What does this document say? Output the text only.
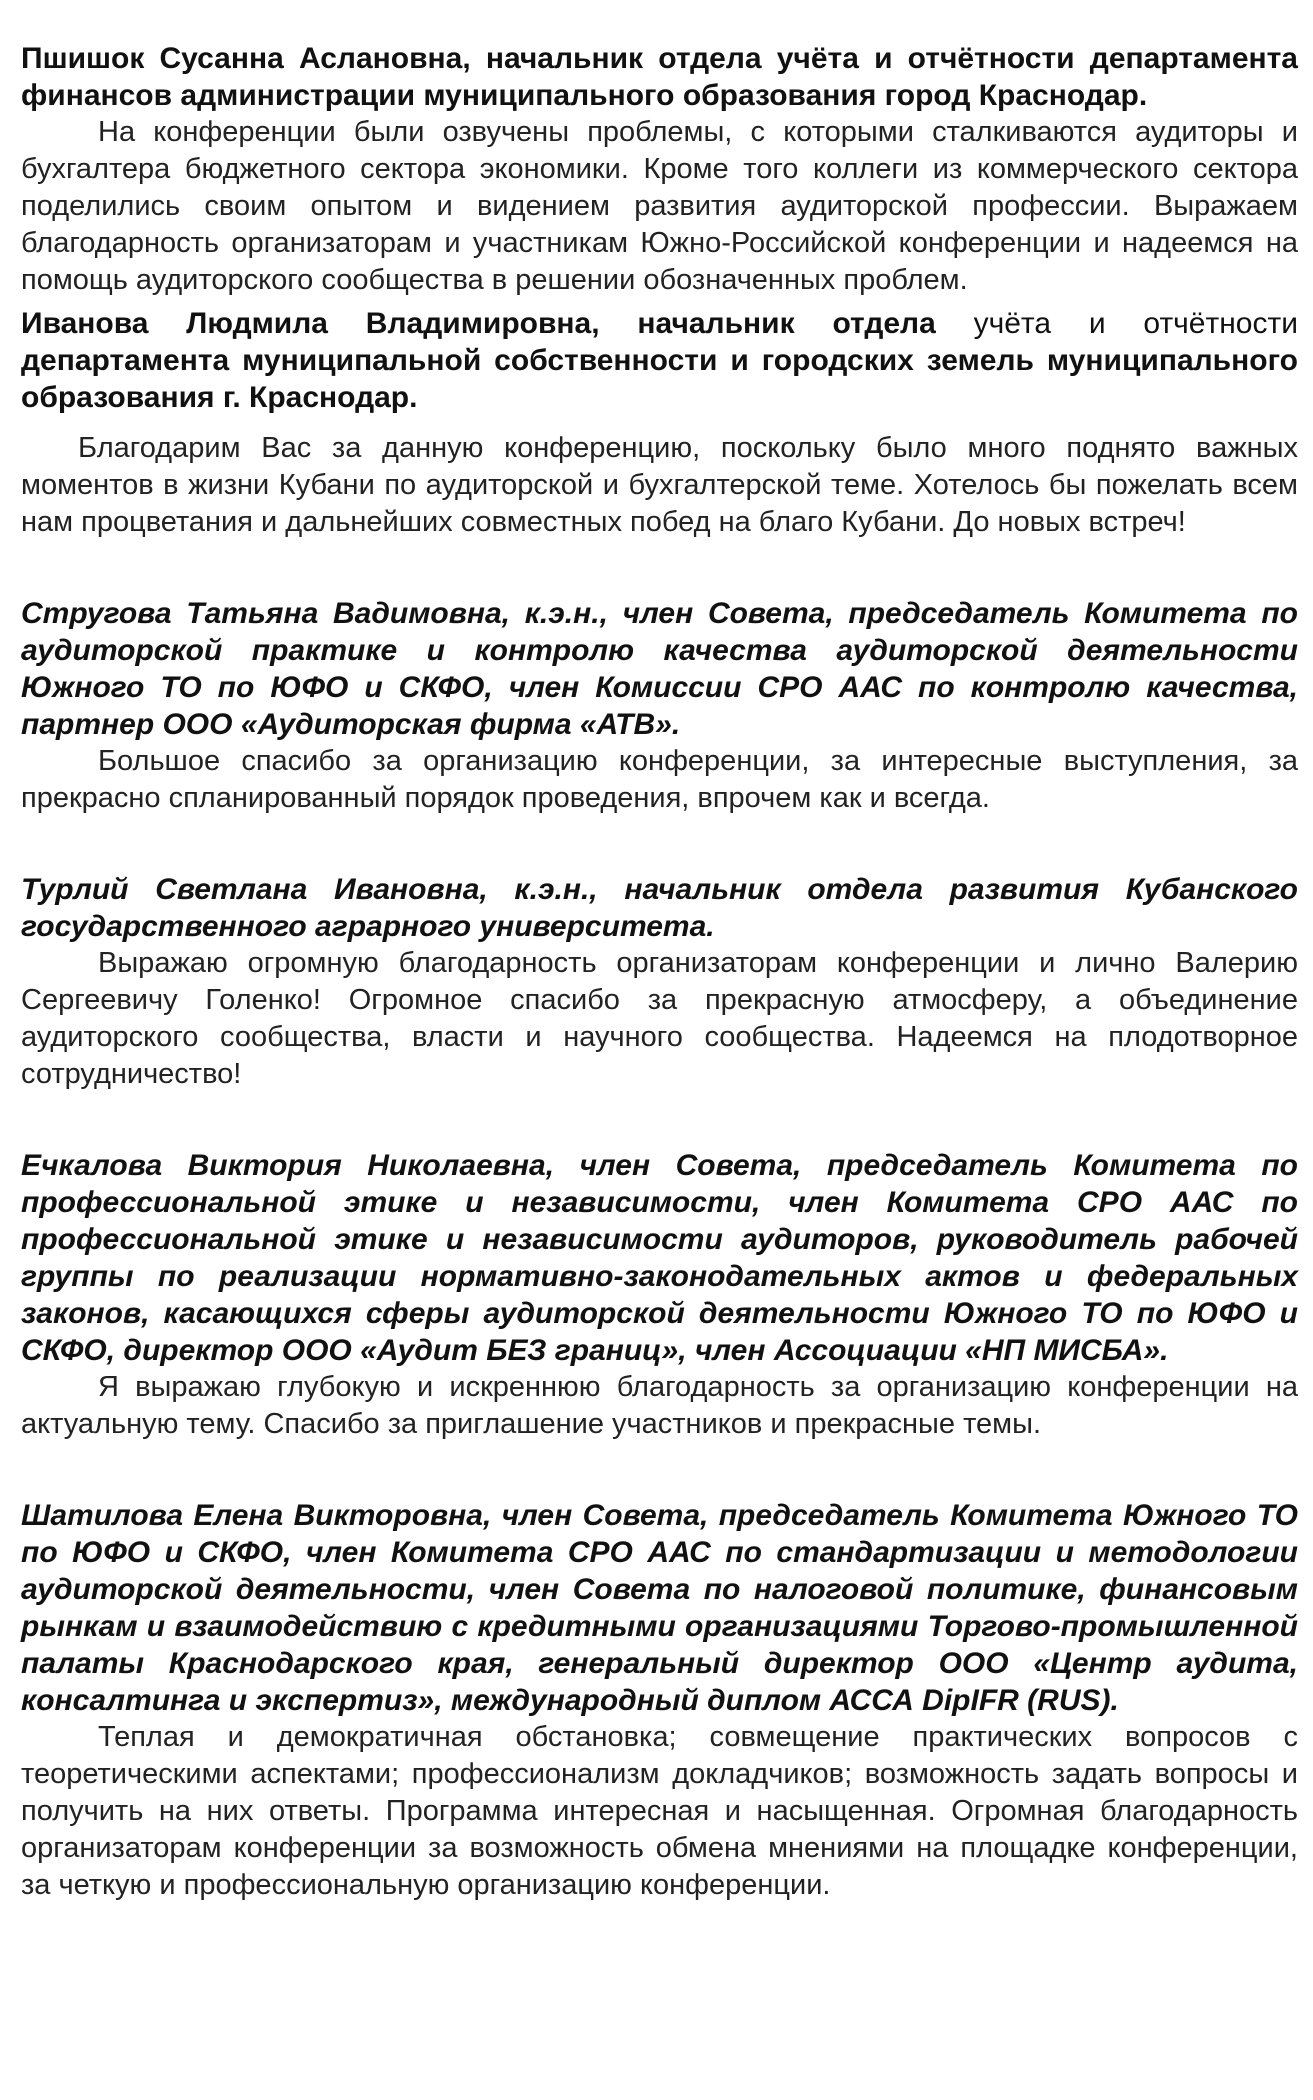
Пшишок Сусанна Аслановна, начальник отдела учёта и отчётности департамента финансов администрации муниципального образования город Краснодар.

На конференции были озвучены проблемы, с которыми сталкиваются аудиторы и бухгалтера бюджетного сектора экономики. Кроме того коллеги из коммерческого сектора поделились своим опытом и видением развития аудиторской профессии. Выражаем благодарность организаторам и участникам Южно-Российской конференции и надеемся на помощь аудиторского сообщества в решении обозначенных проблем.

Иванова Людмила Владимировна, начальник отдела учёта и отчётности департамента муниципальной собственности и городских земель муниципального образования г. Краснодар.

Благодарим Вас за данную конференцию, поскольку было много поднято важных моментов в жизни Кубани по аудиторской и бухгалтерской теме. Хотелось бы пожелать всем нам процветания и дальнейших совместных побед на благо Кубани. До новых встреч!

Стругова Татьяна Вадимовна, к.э.н., член Совета, председатель Комитета по аудиторской практике и контролю качества аудиторской деятельности Южного ТО по ЮФО и СКФО, член Комиссии СРО ААС по контролю качества, партнер ООО «Аудиторская фирма «АТВ».

Большое спасибо за организацию конференции, за интересные выступления, за прекрасно спланированный порядок проведения, впрочем как и всегда.

Турлий Светлана Ивановна, к.э.н., начальник отдела развития Кубанского государственного аграрного университета.

Выражаю огромную благодарность организаторам конференции и лично Валерию Сергеевичу Голенко! Огромное спасибо за прекрасную атмосферу, а объединение аудиторского сообщества, власти и научного сообщества. Надеемся на плодотворное сотрудничество!

Ечкалова Виктория Николаевна, член Совета, председатель Комитета по профессиональной этике и независимости, член Комитета СРО ААС по профессиональной этике и независимости аудиторов, руководитель рабочей группы по реализации нормативно-законодательных актов и федеральных законов, касающихся сферы аудиторской деятельности Южного ТО по ЮФО и СКФО, директор ООО «Аудит БЕЗ границ», член Ассоциации «НП МИСБА».

Я выражаю глубокую и искреннюю благодарность за организацию конференции на актуальную тему. Спасибо за приглашение участников и прекрасные темы.

Шатилова Елена Викторовна, член Совета, председатель Комитета Южного ТО по ЮФО и СКФО, член Комитета СРО ААС по стандартизации и методологии аудиторской деятельности, член Совета по налоговой политике, финансовым рынкам и взаимодействию с кредитными организациями Торгово-промышленной палаты Краснодарского края, генеральный директор ООО «Центр аудита, консалтинга и экспертиз», международный диплом АССА DipIFR (RUS).

Теплая и демократичная обстановка; совмещение практических вопросов с теоретическими аспектами; профессионализм докладчиков; возможность задать вопросы и получить на них ответы. Программа интересная и насыщенная. Огромная благодарность организаторам конференции за возможность обмена мнениями на площадке конференции, за четкую и профессиональную организацию конференции.
